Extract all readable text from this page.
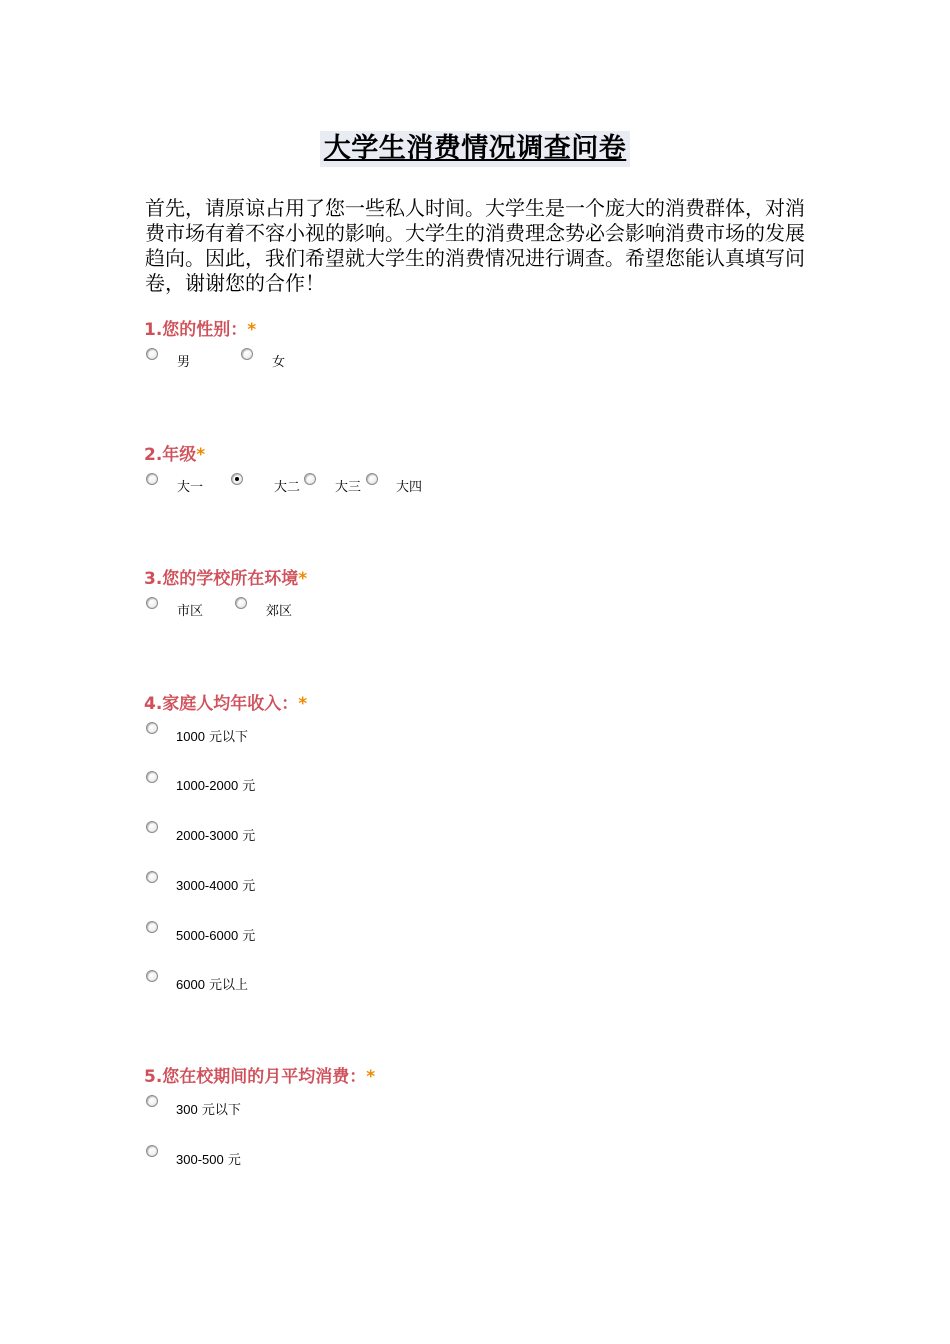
大学生消费情况调查问卷

首先，请原谅占用了您一些私人时间。大学生是一个庞大的消费群体，对消费市场有着不容小视的影响。大学生的消费理念势必会影响消费市场的发展趋向。因此，我们希望就大学生的消费情况进行调查。希望您能认真填写问卷，谢谢您的合作！

1.您的性别：*
男	女
2.年级*
大一	大二	大三	大四
3.您的学校所在环境*
市区	郊区
4.家庭人均年收入：*
1000 元以下
1000-2000 元
2000-3000 元
3000-4000 元
5000-6000 元
6000 元以上
5.您在校期间的月平均消费：*
300 元以下
300-500 元
